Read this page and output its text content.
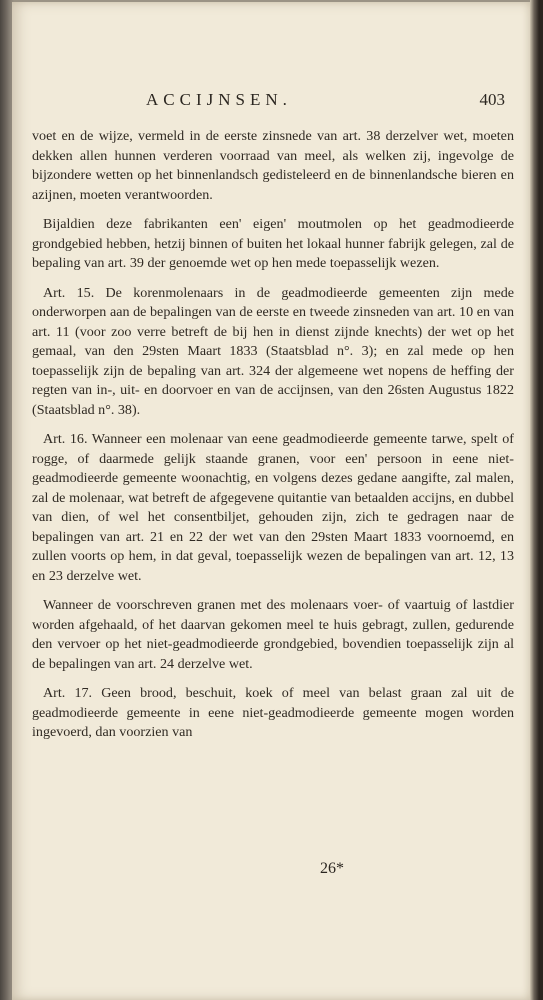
ACCIJNSEN.	403

voet en de wijze, vermeld in de eerste zinsnede van art. 38 derzelver wet, moeten dekken allen hunnen verderen voorraad van meel, als welken zij, ingevolge de bijzondere wetten op het binnenlandsch gedisteleerd en de binnenlandsche bieren en azijnen, moeten verantwoorden.

Bijaldien deze fabrikanten een' eigen' moutmolen op het geadmodieerde grondgebied hebben, hetzij binnen of buiten het lokaal hunner fabrijk gelegen, zal de bepaling van art. 39 der genoemde wet op hen mede toepasselijk wezen.

Art. 15. De korenmolenaars in de geadmodieerde gemeenten zijn mede onderworpen aan de bepalingen van de eerste en tweede zinsneden van art. 10 en van art. 11 (voor zoo verre betreft de bij hen in dienst zijnde knechts) der wet op het gemaal, van den 29sten Maart 1833 (Staatsblad n°. 3); en zal mede op hen toepasselijk zijn de bepaling van art. 324 der algemeene wet nopens de heffing der regten van in-, uit- en doorvoer en van de accijnsen, van den 26sten Augustus 1822 (Staatsblad n°. 38).

Art. 16. Wanneer een molenaar van eene geadmodieerde gemeente tarwe, spelt of rogge, of daarmede gelijk staande granen, voor een' persoon in eene niet-geadmodieerde gemeente woonachtig, en volgens dezes gedane aangifte, zal malen, zal de molenaar, wat betreft de afgegevene quitantie van betaalden accijns, en dubbel van dien, of wel het consentbiljet, gehouden zijn, zich te gedragen naar de bepalingen van art. 21 en 22 der wet van den 29sten Maart 1833 voornoemd, en zullen voorts op hem, in dat geval, toepasselijk wezen de bepalingen van art. 12, 13 en 23 derzelve wet.

Wanneer de voorschreven granen met des molenaars voer- of vaartuig of lastdier worden afgehaald, of het daarvan gekomen meel te huis gebragt, zullen, gedurende den vervoer op het niet-geadmodieerde grondgebied, bovendien toepasselijk zijn al de bepalingen van art. 24 derzelve wet.

Art. 17. Geen brood, beschuit, koek of meel van belast graan zal uit de geadmodieerde gemeente in eene niet-geadmodieerde gemeente mogen worden ingevoerd, dan voorzien van

26*
